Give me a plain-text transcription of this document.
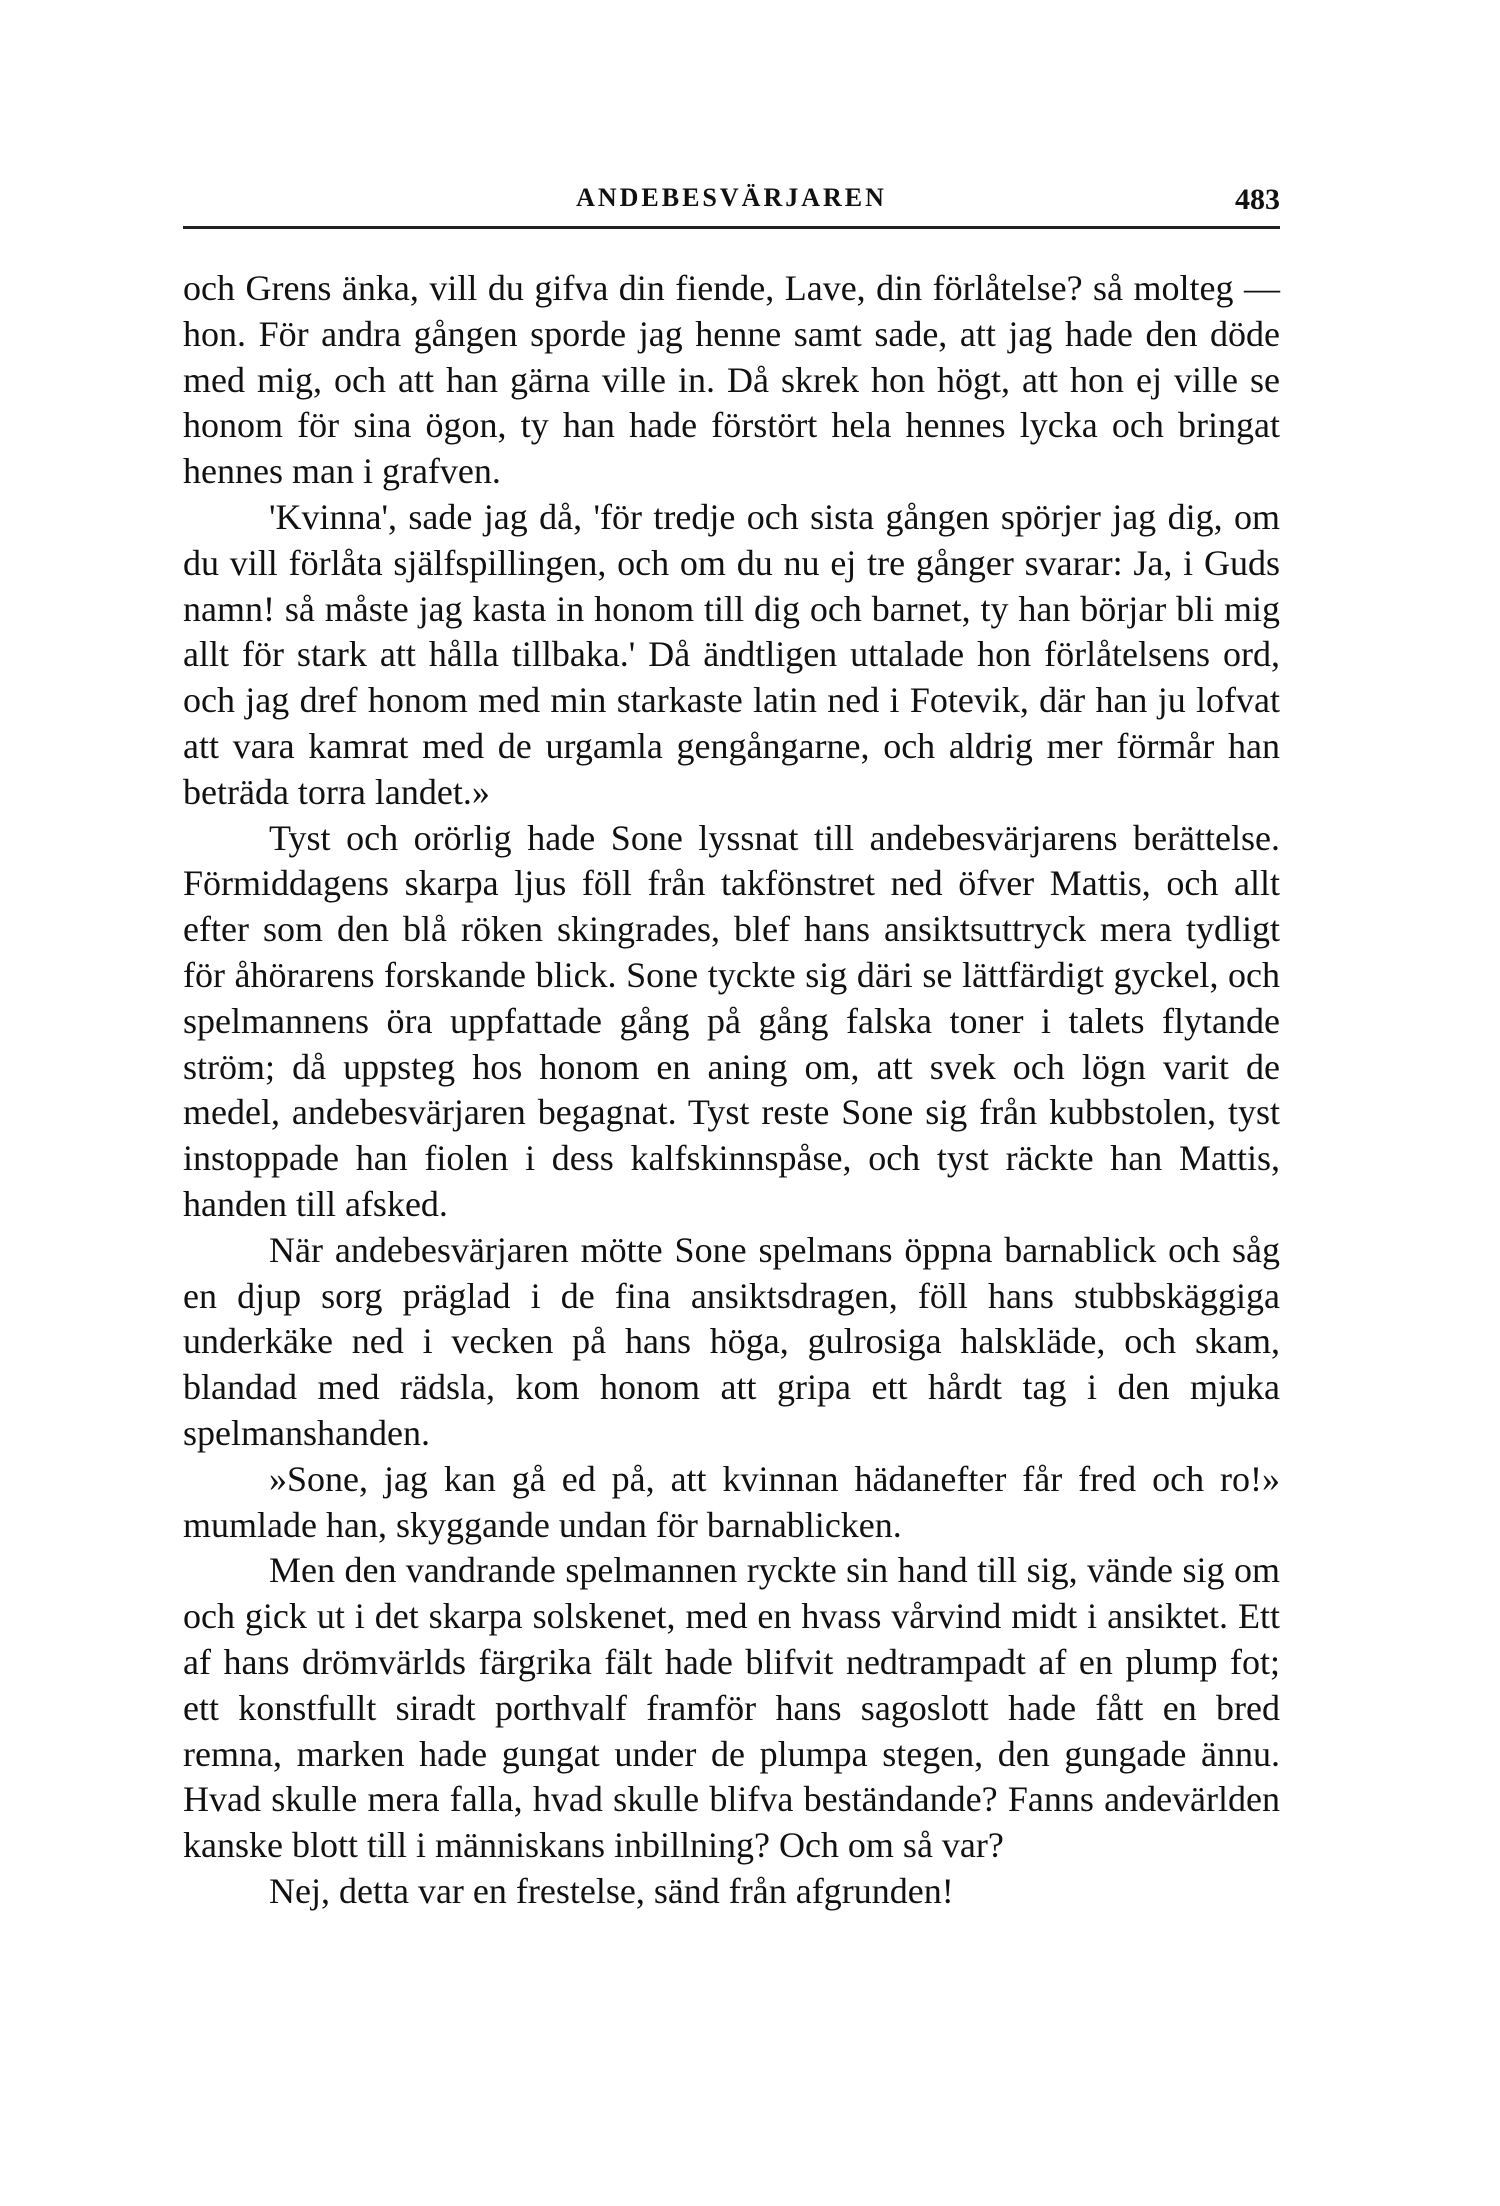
ANDEBESVÄRJAREN	483

och Grens änka, vill du gifva din fiende, Lave, din förlåtelse? så molteg —hon. För andra gången sporde jag henne samt sade, att jag hade den döde med mig, och att han gärna ville in. Då skrek hon högt, att hon ej ville se honom för sina ögon, ty han hade förstört hela hennes lycka och bringat hennes man i grafven.

'Kvinna', sade jag då, 'för tredje och sista gången spörjer jag dig, om du vill förlåta själfspillingen, och om du nu ej tre gånger svarar: Ja, i Guds namn! så måste jag kasta in honom till dig och barnet, ty han börjar bli mig allt för stark att hålla tillbaka.' Då ändtligen uttalade hon förlåtelsens ord, och jag dref honom med min starkaste latin ned i Fotevik, där han ju lofvat att vara kamrat med de urgamla gengångarne, och aldrig mer förmår han beträda torra landet.»

Tyst och orörlig hade Sone lyssnat till andebesvärjarens berättelse. Förmiddagens skarpa ljus föll från takfönstret ned öfver Mattis, och allt efter som den blå röken skingrades, blef hans ansiktsuttryck mera tydligt för åhörarens forskande blick. Sone tyckte sig däri se lättfärdigt gyckel, och spelmannens öra uppfattade gång på gång falska toner i talets flytande ström; då uppsteg hos honom en aning om, att svek och lögn varit de medel, andebesvärjaren begagnat. Tyst reste Sone sig från kubbstolen, tyst instoppade han fiolen i dess kalfskinnspåse, och tyst räckte han Mattis, handen till afsked.

När andebesvärjaren mötte Sone spelmans öppna barnablick och såg en djup sorg präglad i de fina ansiktsdragen, föll hans stubbskäggiga underkäke ned i vecken på hans höga, gulrosiga halskläde, och skam, blandad med rädsla, kom honom att gripa ett hårdt tag i den mjuka spelmanshanden.

»Sone, jag kan gå ed på, att kvinnan hädanefter får fred och ro!» mumlade han, skyggande undan för barnablicken.

Men den vandrande spelmannen ryckte sin hand till sig, vände sig om och gick ut i det skarpa solskenet, med en hvass vårvind midt i ansiktet. Ett af hans drömvärlds färgrika fält hade blifvit nedtrampadt af en plump fot; ett konstfullt siradt porthvalf framför hans sagoslott hade fått en bred remna, marken hade gungat under de plumpa stegen, den gungade ännu. Hvad skulle mera falla, hvad skulle blifva beständande? Fanns andevärlden kanske blott till i människans inbillning? Och om så var?

Nej, detta var en frestelse, sänd från afgrunden!
